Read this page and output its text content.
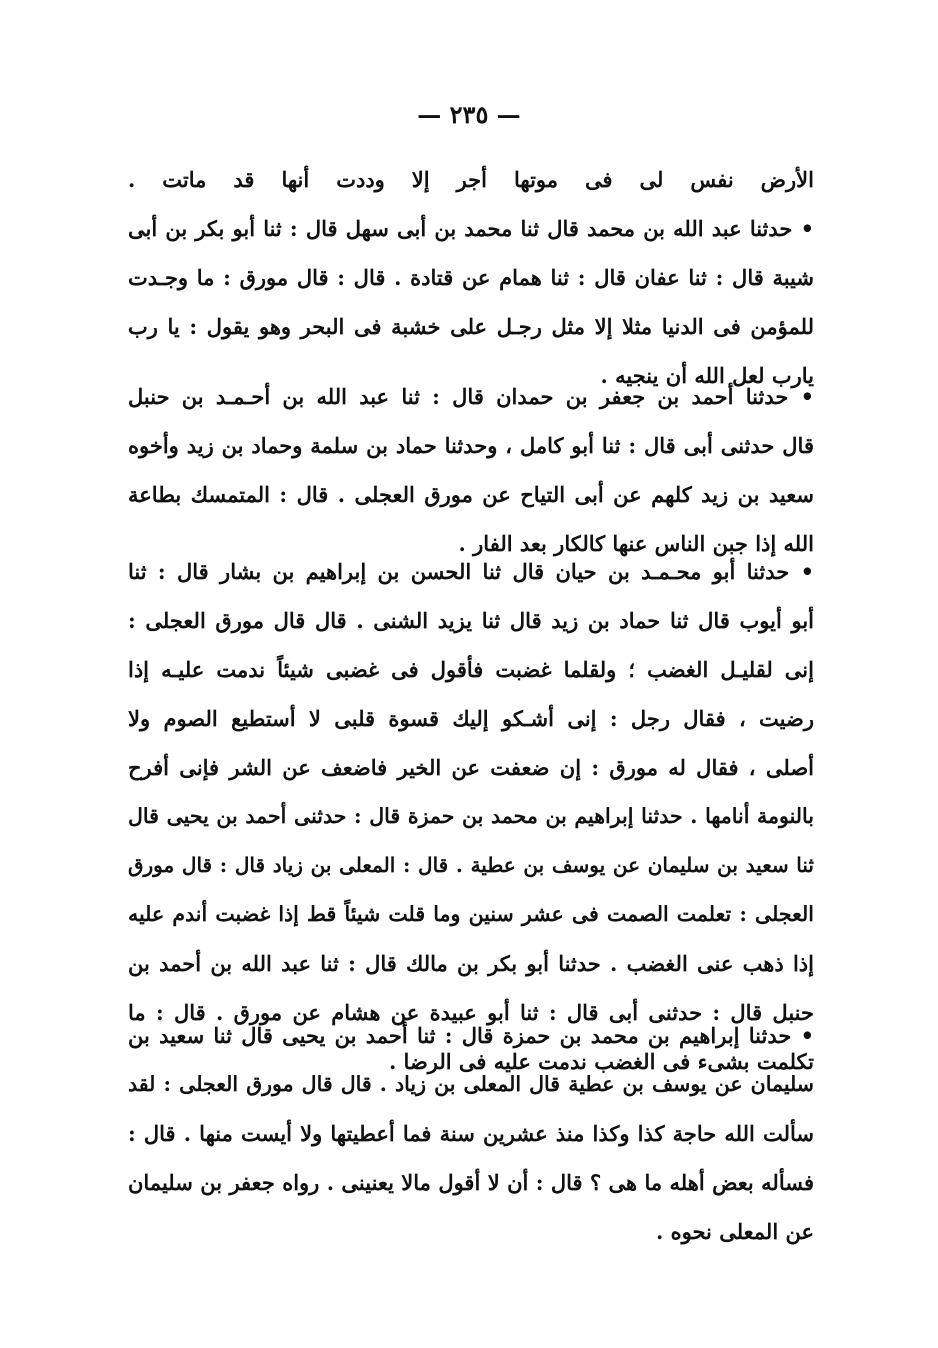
— ٢٣٥ —
الأرض نفس لى فى موتها أجر إلا وددت أنها قد ماتت .
• حدثنا عبد الله بن محمد قال ثنا محمد بن أبى سهل قال : ثنا أبو بكر بن أبى
شيبة قال : ثنا عفان قال : ثنا همام عن قتادة . قال : قال مورق : ما وجـدت
للمؤمن فى الدنيا مثلا إلا مثل رجـل على خشبة فى البحر وهو يقول : يا رب
يارب لعل الله أن ينجيه .
• حدثنا أحمد بن جعفر بن حمدان قال : ثنا عبد الله بن أحـمـد بن حنبل
قال حدثنى أبى قال : ثنا أبو كامل ، وحدثنا حماد بن سلمة وحماد بن زيد وأخوه
سعيد بن زيد كلهم عن أبى التياح عن مورق العجلى . قال : المتمسك بطاعة
الله إذا جبن الناس عنها كالكار بعد الفار .
• حدثنا أبو محـمـد بن حيان قال ثنا الحسن بن إبراهيم بن بشار قال : ثنا
أبو أيوب قال ثنا حماد بن زيد قال ثنا يزيد الشنى . قال قال مورق العجلى :
إنى لقليـل الغضب ؛ ولقلما غضبت فأقول فى غضبى شيئاً ندمت عليـه إذا
رضيت ، فقال رجل : إنى أشـكو إليك قسوة قلبى لا أستطيع الصوم ولا
أصلى ، فقال له مورق : إن ضعفت عن الخير فاضعف عن الشر فإنى أفرح
بالنومة أنامها . حدثنا إبراهيم بن محمد بن حمزة قال : حدثنى أحمد بن يحيى قال
ثنا سعيد بن سليمان عن يوسف بن عطية . قال : المعلى بن زياد قال : قال مورق
العجلى : تعلمت الصمت فى عشر سنين وما قلت شيئاً قط إذا غضبت أندم عليه
إذا ذهب عنى الغضب . حدثنا أبو بكر بن مالك قال : ثنا عبد الله بن أحمد بن
حنبل قال : حدثنى أبى قال : ثنا أبو عبيدة عن هشام عن مورق . قال : ما
تكلمت بشىء فى الغضب ندمت عليه فى الرضا .
• حدثنا إبراهيم بن محمد بن حمزة قال : ثنا أحمد بن يحيى قال ثنا سعيد بن
سليمان عن يوسف بن عطية قال المعلى بن زياد . قال قال مورق العجلى : لقد
سألت الله حاجة كذا وكذا منذ عشرين سنة فما أعطيتها ولا أيست منها . قال :
فسأله بعض أهله ما هى ؟ قال : أن لا أقول مالا يعنينى . رواه جعفر بن سليمان
عن المعلى نحوه .
